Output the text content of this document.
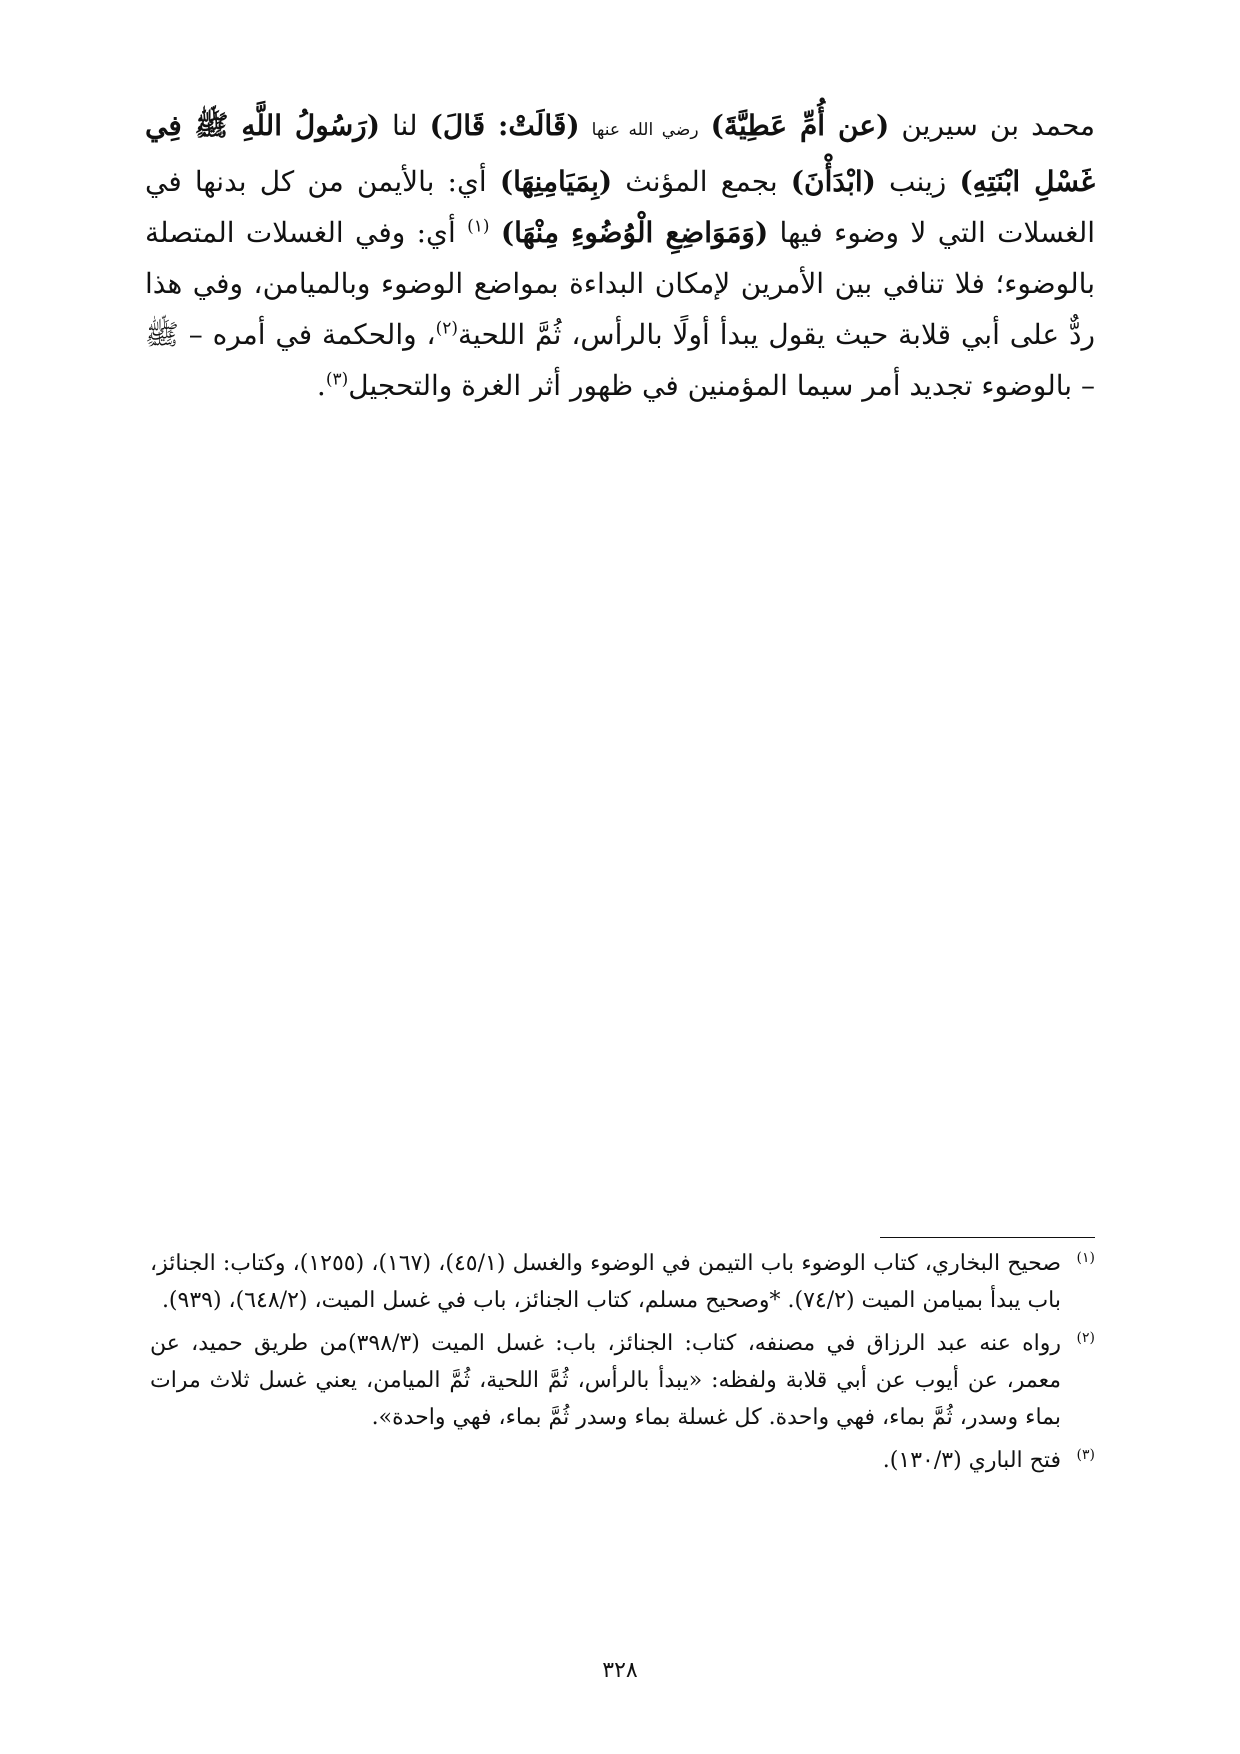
محمد بن سيرين (عن أُمِّ عَطِيَّةَ) رضي الله عنها (قَالَتْ: قَالَ) لنا (رَسُولُ اللَّهِ ﷺ فِي غَسْلِ ابْنَتِهِ) زينب (ابْدَأْنَ) بجمع المؤنث (بِمَيَامِنِهَا) أي: بالأيمن من كل بدنها في الغسلات التي لا وضوء فيها (وَمَوَاضِعِ الْوُضُوءِ مِنْهَا) $^{(١)}$ أي: وفي الغسلات المتصلة بالوضوء؛ فلا تنافي بين الأمرين لإمكان البداءة بمواضع الوضوء وبالميامن، وفي هذا ردٌّ على أبي قلابة حيث يقول يبدأ أولًا بالرأس، ثُمَّ اللحية$^{(٢)}$، والحكمة في أمره – ﷺ – بالوضوء تجديد أمر سيما المؤمنين في ظهور أثر الغرة والتحجيل$^{(٣)}$.

(١)
صحيح البخاري، كتاب الوضوء باب التيمن في الوضوء والغسل (٤٥/١)، (١٦٧)، (١٢٥٥)، وكتاب: الجنائز، باب يبدأ بميامن الميت (٧٤/٢). *وصحيح مسلم، كتاب الجنائز، باب في غسل الميت، (٦٤٨/٢)، (٩٣٩).
(٢)
رواه عنه عبد الرزاق في مصنفه، كتاب: الجنائز، باب: غسل الميت (٣٩٨/٣)من طريق حميد، عن معمر، عن أيوب عن أبي قلابة ولفظه: «يبدأ بالرأس، ثُمَّ اللحية، ثُمَّ الميامن، يعني غسل ثلاث مرات بماء وسدر، ثُمَّ بماء، فهي واحدة. كل غسلة بماء وسدر ثُمَّ بماء، فهي واحدة».
(٣)
فتح الباري (١٣٠/٣).
٣٢٨
